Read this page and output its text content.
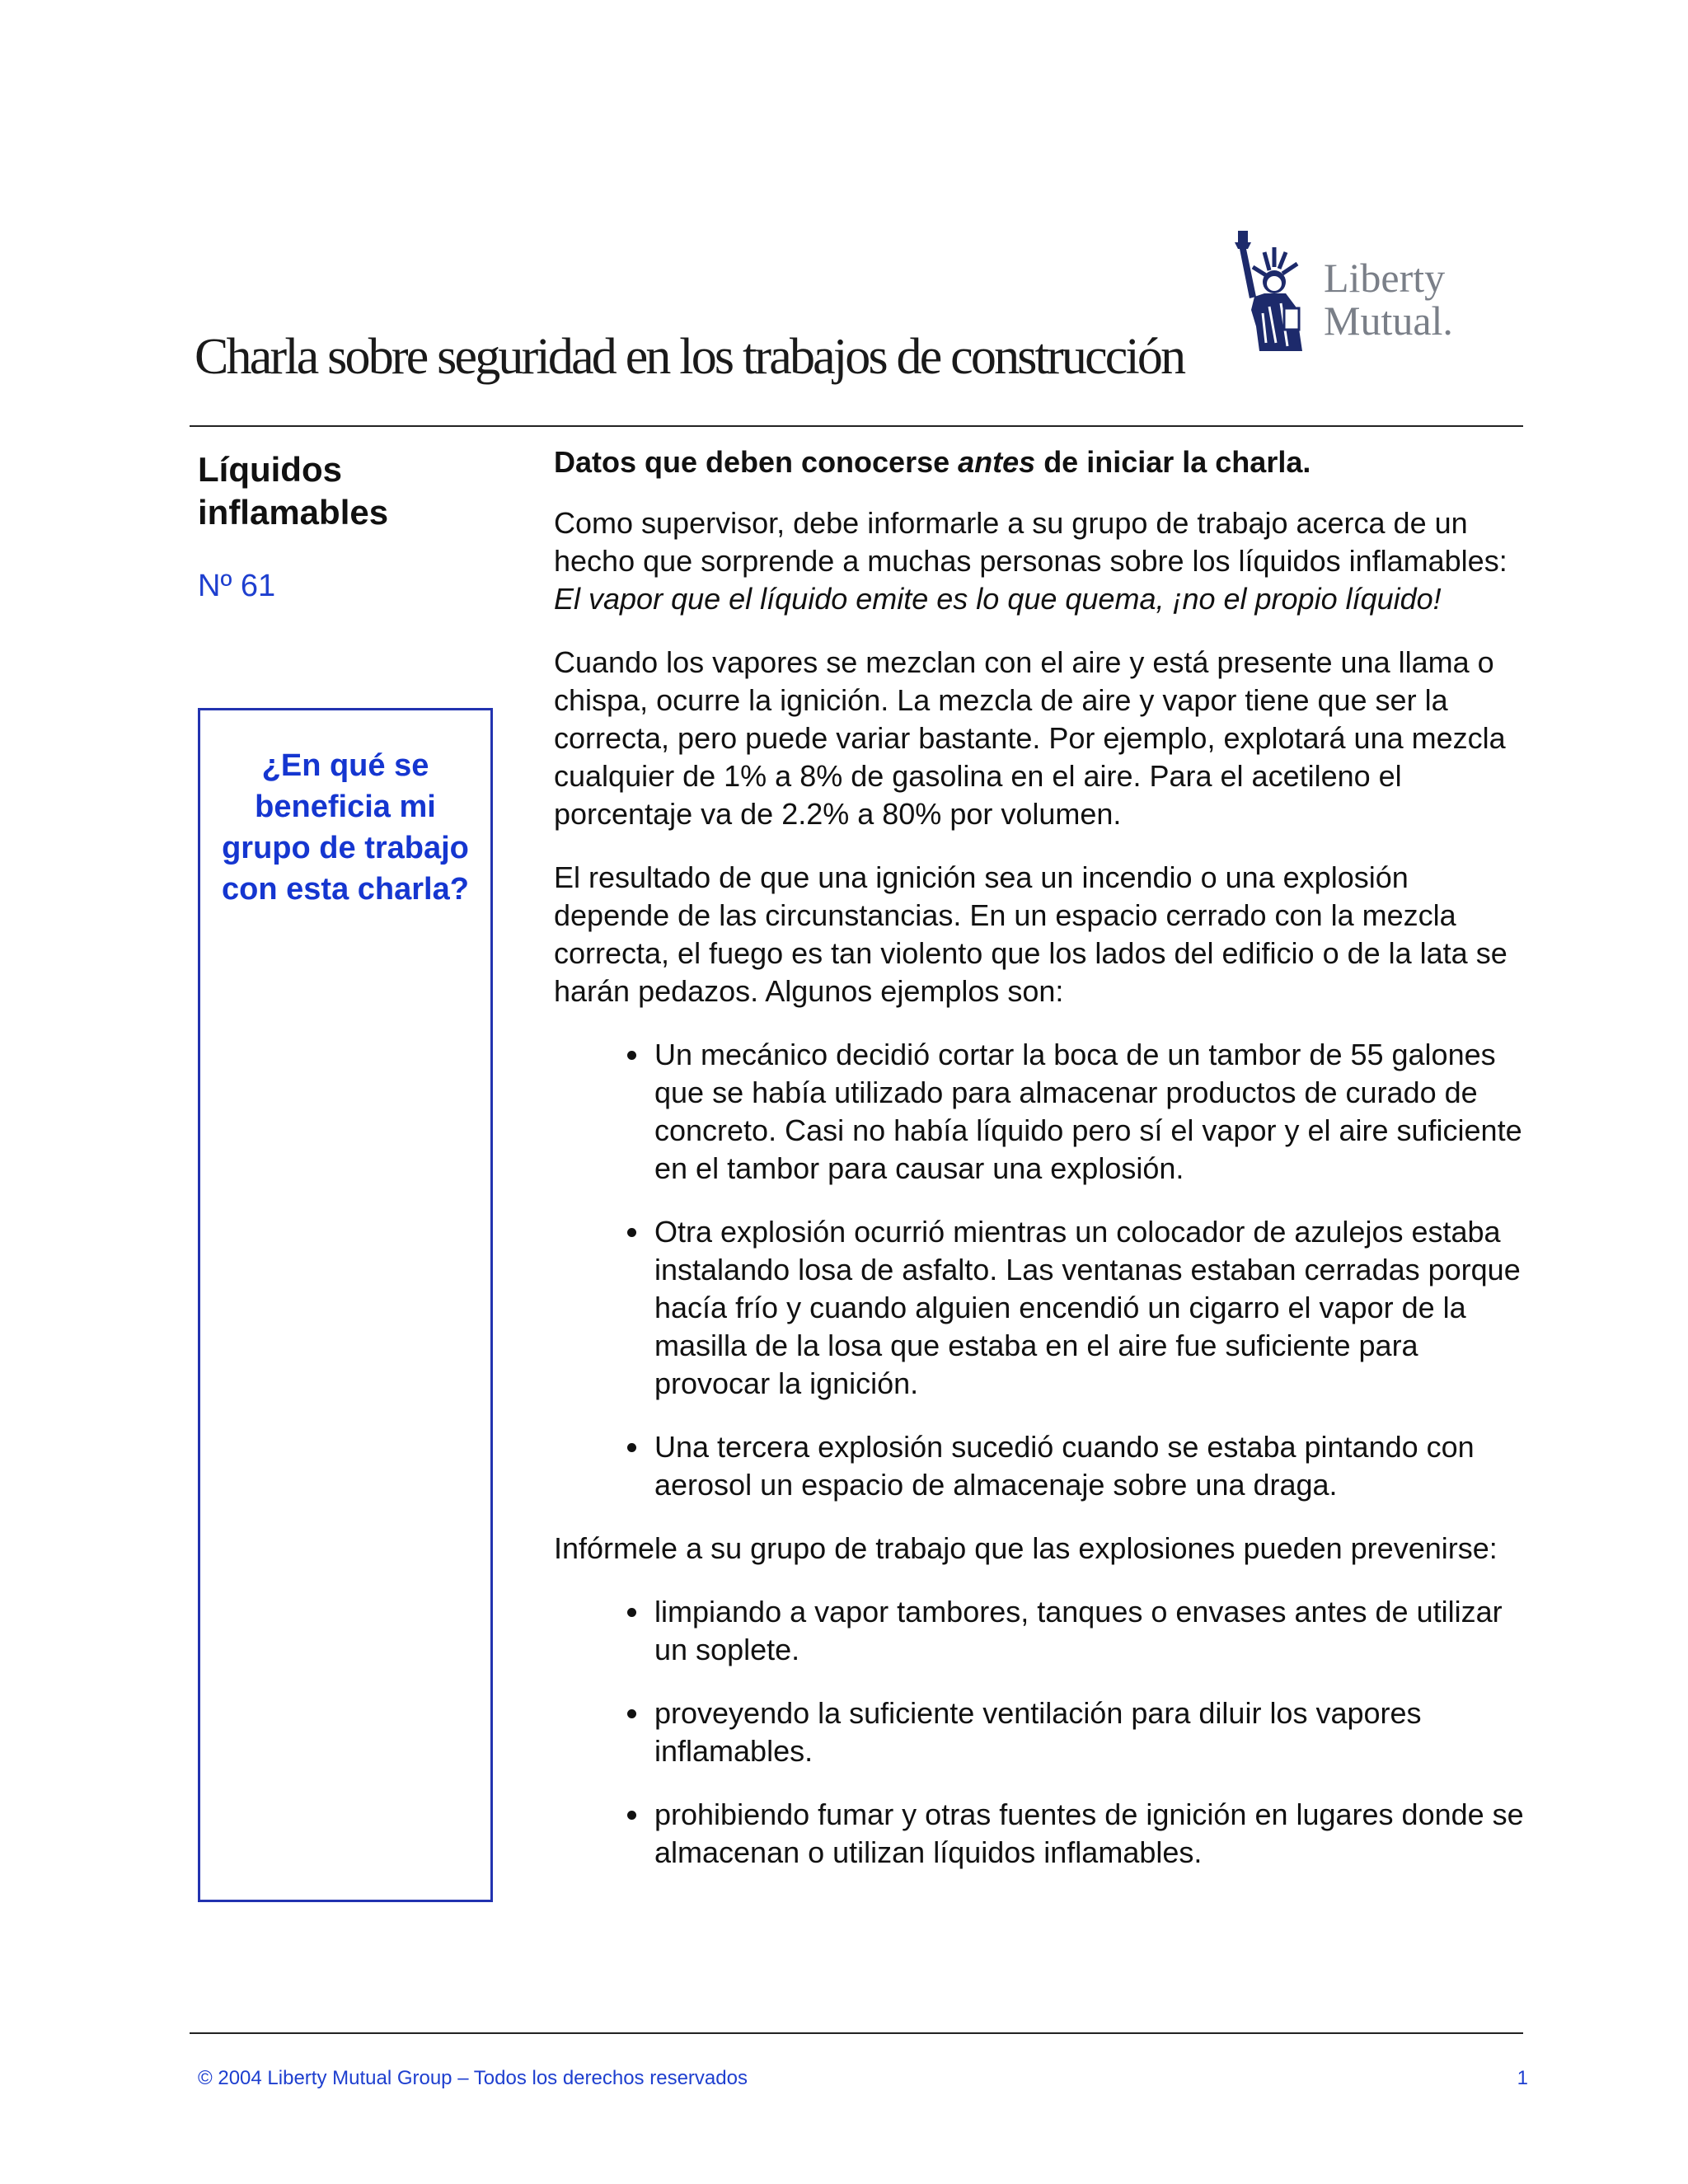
Charla sobre seguridad en los trabajos de construcción
Liberty
Mutual.
Líquidos
inflamables
Nº 61
¿En qué se beneficia mi grupo de trabajo con esta charla?

Datos que deben conocerse antes de iniciar la charla.

Como supervisor, debe informarle a su grupo de trabajo acerca de un hecho que sorprende a muchas personas sobre los líquidos inflamables: El vapor que el líquido emite es lo que quema, ¡no el propio líquido!

Cuando los vapores se mezclan con el aire y está presente una llama o chispa, ocurre la ignición. La mezcla de aire y vapor tiene que ser la correcta, pero puede variar bastante. Por ejemplo, explotará una mezcla cualquier de 1% a 8% de gasolina en el aire. Para el acetileno el porcentaje va de 2.2% a 80% por volumen.

El resultado de que una ignición sea un incendio o una explosión depende de las circunstancias. En un espacio cerrado con la mezcla correcta, el fuego es tan violento que los lados del edificio o de la lata se harán pedazos. Algunos ejemplos son:

• Un mecánico decidió cortar la boca de un tambor de 55 galones que se había utilizado para almacenar productos de curado de concreto. Casi no había líquido pero sí el vapor y el aire suficiente en el tambor para causar una explosión.
• Otra explosión ocurrió mientras un colocador de azulejos estaba instalando losa de asfalto. Las ventanas estaban cerradas porque hacía frío y cuando alguien encendió un cigarro el vapor de la masilla de la losa que estaba en el aire fue suficiente para provocar la ignición.
• Una tercera explosión sucedió cuando se estaba pintando con aerosol un espacio de almacenaje sobre una draga.

Infórmele a su grupo de trabajo que las explosiones pueden prevenirse:

• limpiando a vapor tambores, tanques o envases antes de utilizar un soplete.
• proveyendo la suficiente ventilación para diluir los vapores inflamables.
• prohibiendo fumar y otras fuentes de ignición en lugares donde se almacenan o utilizan líquidos inflamables.
© 2004 Liberty Mutual Group – Todos los derechos reservados	1
